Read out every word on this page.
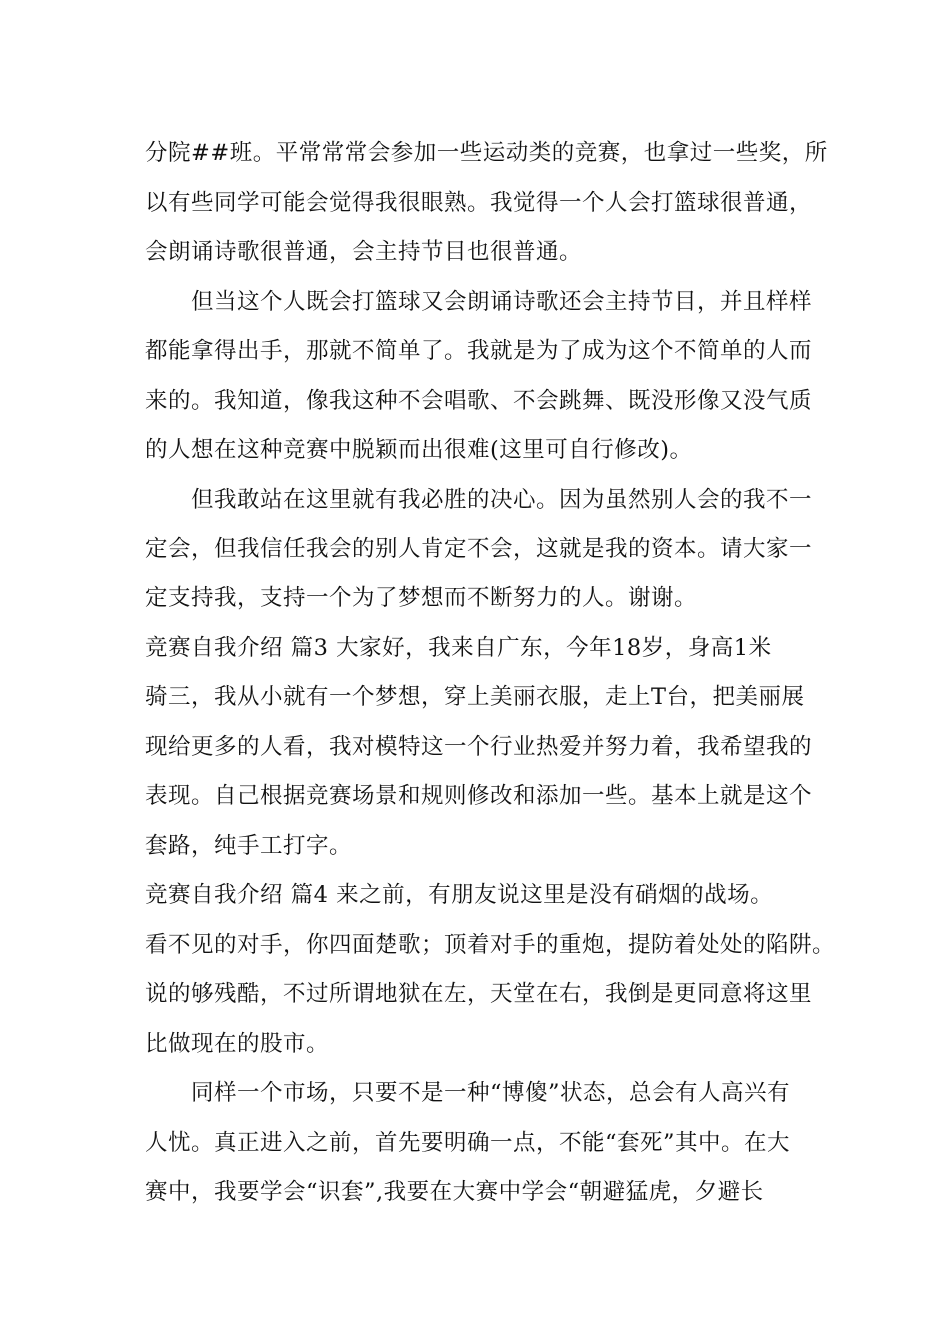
分院##班。平常常常会参加一些运动类的竞赛，也拿过一些奖，所
以有些同学可能会觉得我很眼熟。我觉得一个人会打篮球很普通，
会朗诵诗歌很普通，会主持节目也很普通。
但当这个人既会打篮球又会朗诵诗歌还会主持节目，并且样样
都能拿得出手，那就不简单了。我就是为了成为这个不简单的人而
来的。我知道，像我这种不会唱歌、不会跳舞、既没形像又没气质
的人想在这种竞赛中脱颖而出很难(这里可自行修改)。
但我敢站在这里就有我必胜的决心。因为虽然别人会的我不一
定会，但我信任我会的别人肯定不会，这就是我的资本。请大家一
定支持我，支持一个为了梦想而不断努力的人。谢谢。
竞赛自我介绍 篇3 大家好，我来自广东，今年18岁，身高1米
骑三，我从小就有一个梦想，穿上美丽衣服，走上T台，把美丽展
现给更多的人看，我对模特这一个行业热爱并努力着，我希望我的
表现。自己根据竞赛场景和规则修改和添加一些。基本上就是这个
套路，纯手工打字。
竞赛自我介绍 篇4 来之前，有朋友说这里是没有硝烟的战场。
看不见的对手，你四面楚歌；顶着对手的重炮，提防着处处的陷阱。
说的够残酷，不过所谓地狱在左，天堂在右，我倒是更同意将这里
比做现在的股市。
同样一个市场，只要不是一种“博傻”状态，总会有人高兴有
人忧。真正进入之前，首先要明确一点，不能“套死”其中。在大
赛中，我要学会“识套”,我要在大赛中学会“朝避猛虎，夕避长
